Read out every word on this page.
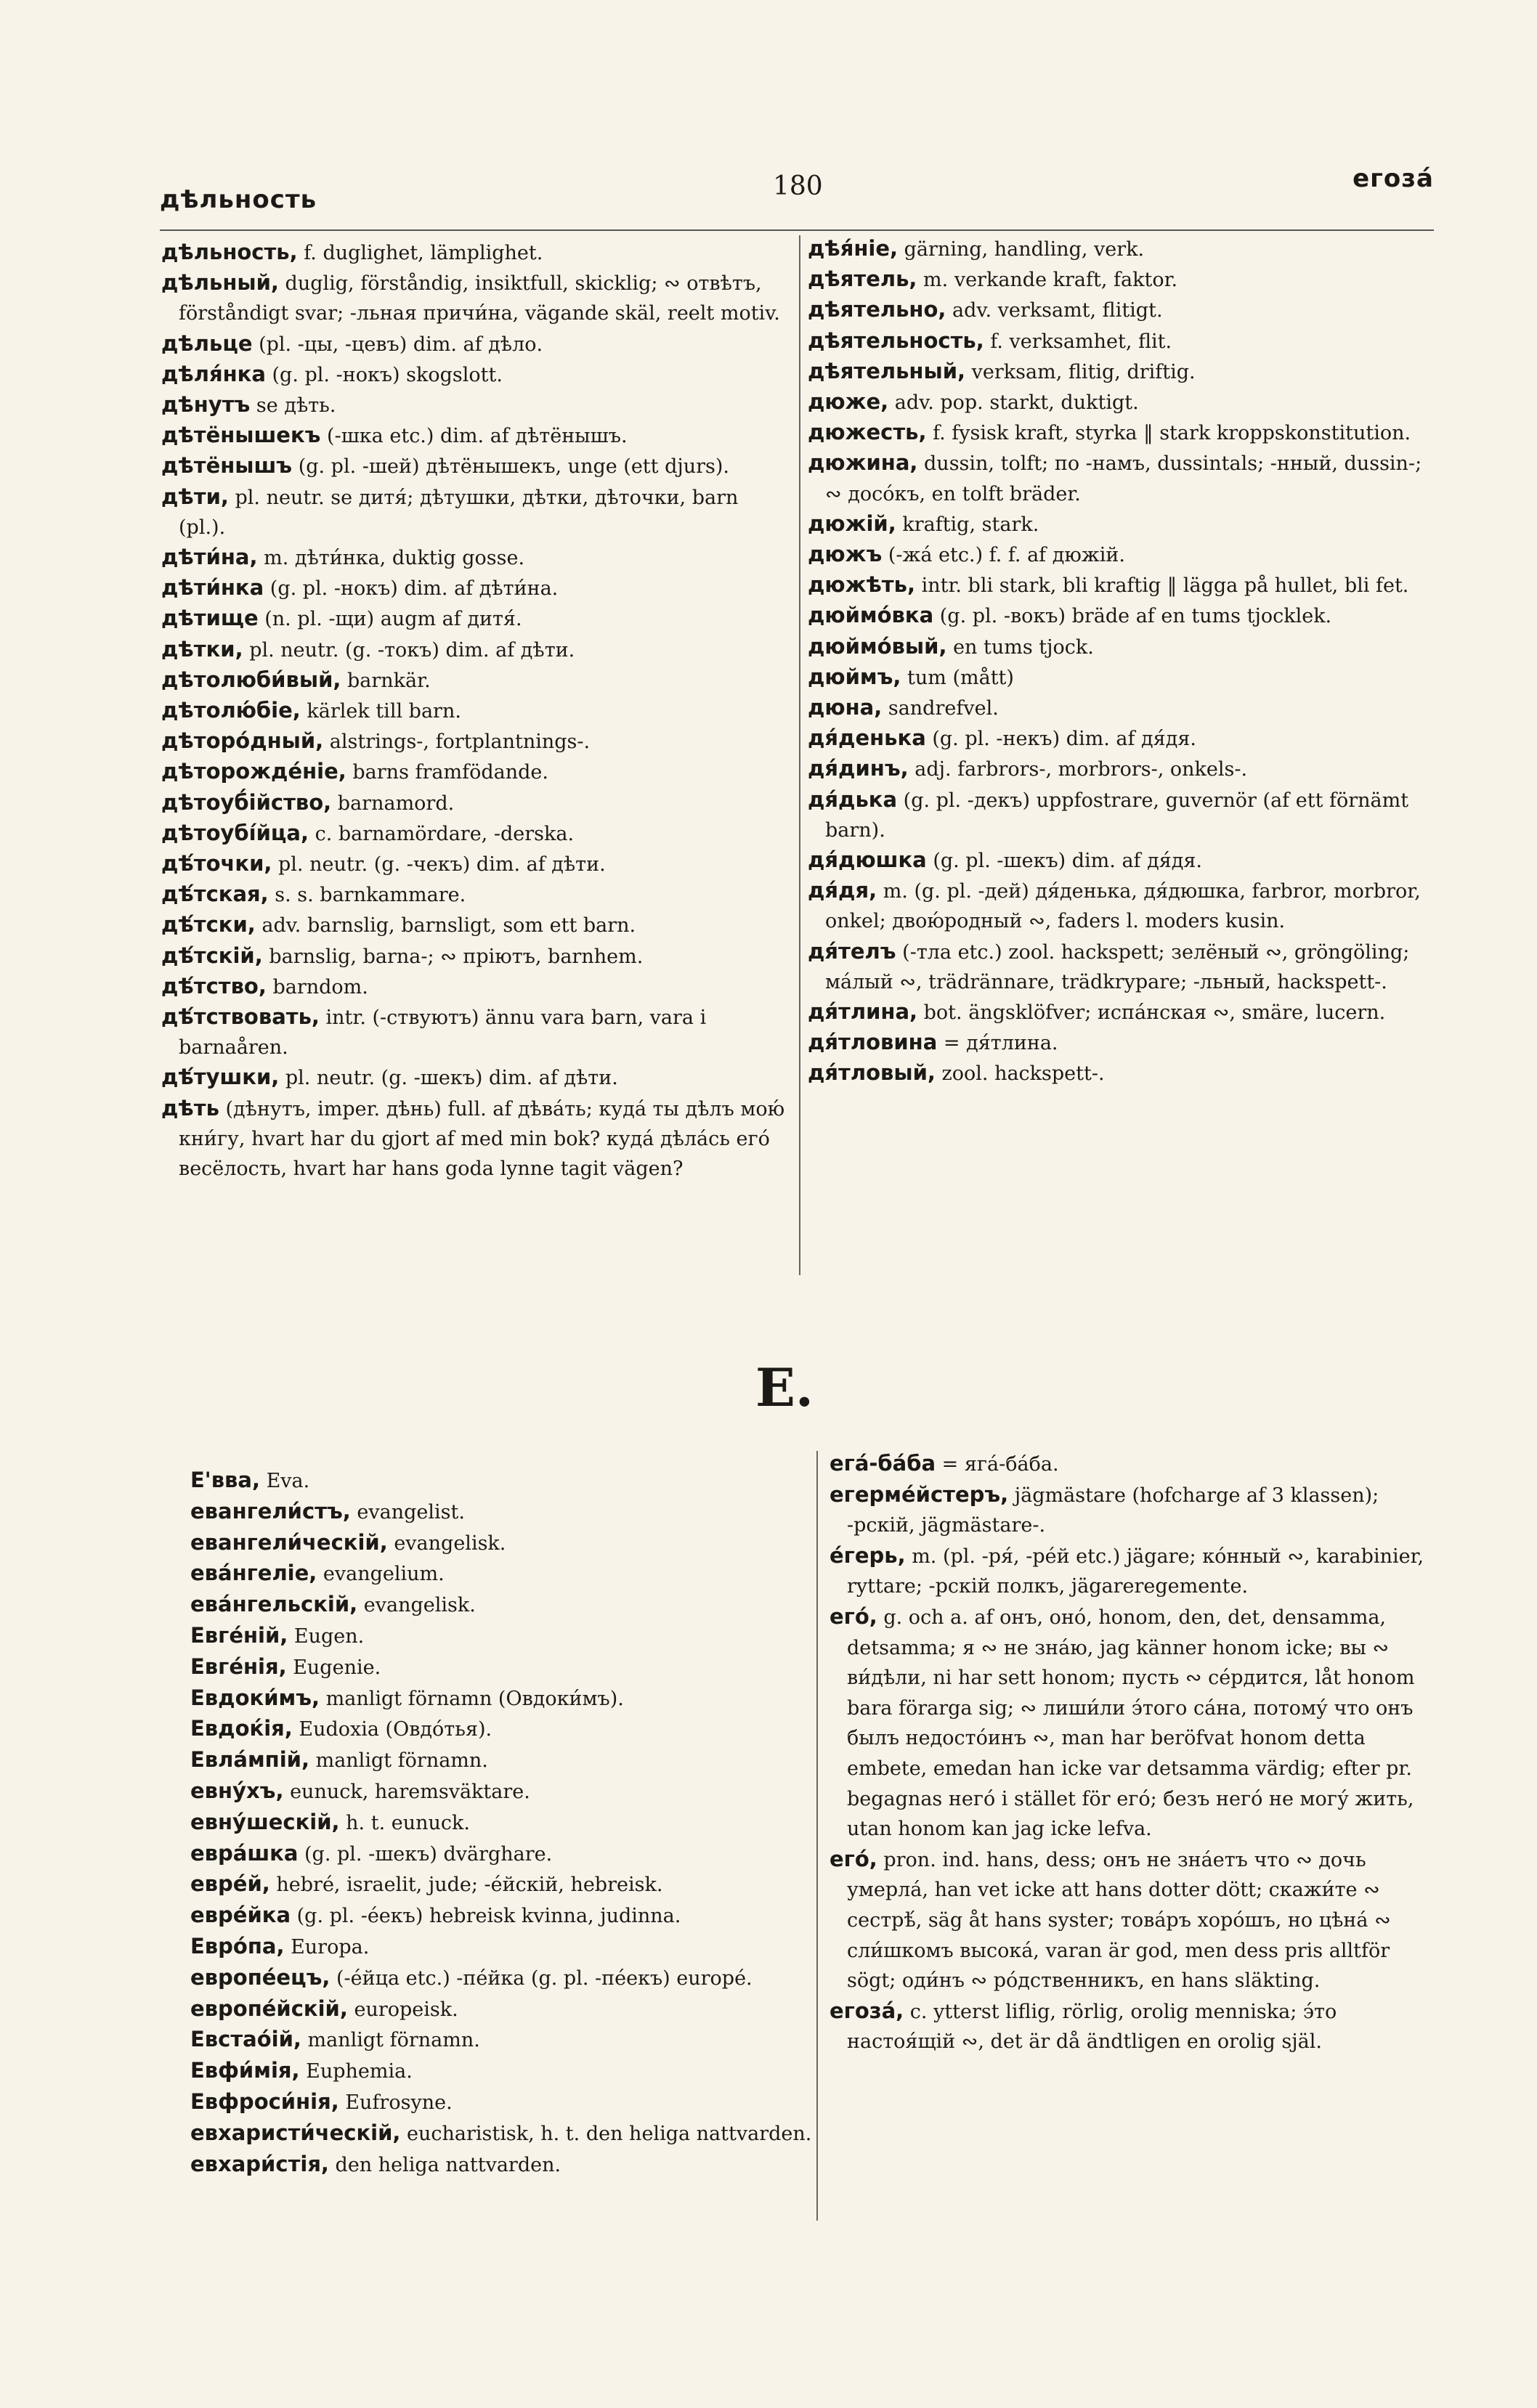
дѣльность	180	егоза́

дѣльность, f. duglighet, lämplighet.

дѣльный, duglig, förståndig, insiktfull, skicklig; ∾ отвѣтъ, förståndigt svar; -льная причи́на, vägande skäl, reelt motiv.

дѣльце (pl. -цы, -цевъ) dim. af дѣло.

дѣля́нка (g. pl. -нокъ) skogslott.

дѣнутъ se дѣть.

дѣтёнышекъ (-шка etc.) dim. af дѣтёнышъ.

дѣтёнышъ (g. pl. -шей) дѣтёнышекъ, unge (ett djurs).

дѣти, pl. neutr. se дитя́; дѣтушки, дѣтки, дѣточки, barn (pl.).

дѣти́на, m. дѣти́нка, duktig gosse.

дѣти́нка (g. pl. -нокъ) dim. af дѣти́на.

дѣтище (n. pl. -щи) augm af дитя́.

дѣтки, pl. neutr. (g. -токъ) dim. af дѣти.

дѣтолюби́вый, barnkär.

дѣтолю́біе, kärlek till barn.

дѣторо́дный, alstrings-, fortplantnings-.

дѣторожде́ніе, barns framfödande.

дѣтоуб́ійство, barnamord.

дѣтоубі́йца, c. barnamördare, -derska.

дѣ́точки, pl. neutr. (g. -чекъ) dim. af дѣти.

дѣ́тская, s. s. barnkammare.

дѣ́тски, adv. barnslig, barnsligt, som ett barn.

дѣ́тскій, barnslig, barna-; ∾ пріютъ, barnhem.

дѣ́тство, barndom.

дѣ́тствовать, intr. (-ствуютъ) ännu vara barn, vara i barnaåren.

дѣ́тушки, pl. neutr. (g. -шекъ) dim. af дѣти.

дѣть (дѣнутъ, imper. дѣнь) full. af дѣва́ть; куда́ ты дѣлъ мою́ кни́гу, hvart har du gjort af med min bok? куда́ дѣла́сь его́ весёлость, hvart har hans goda lynne tagit vägen?

дѣя́ніе, gärning, handling, verk.

дѣятель, m. verkande kraft, faktor.

дѣятельно, adv. verksamt, flitigt.

дѣятельность, f. verksamhet, flit.

дѣятельный, verksam, flitig, driftig.

дюже, adv. pop. starkt, duktigt.

дюжесть, f. fysisk kraft, styrka ‖ stark kroppskonstitution.

дюжина, dussin, tolft; по -намъ, dussintals; -нный, dussin-; ∾ досо́къ, en tolft bräder.

дюжій, kraftig, stark.

дюжъ (-жа́ etc.) f. f. af дюжій.

дюжѣть, intr. bli stark, bli kraftig ‖ lägga på hullet, bli fet.

дюймо́вка (g. pl. -вокъ) bräde af en tums tjocklek.

дюймо́вый, en tums tjock.

дюймъ, tum (mått)

дюна, sandrefvel.

дя́денька (g. pl. -некъ) dim. af дя́дя.

дя́динъ, adj. farbrors-, morbrors-, onkels-.

дя́дька (g. pl. -декъ) uppfostrare, guvernör (af ett förnämt barn).

дя́дюшка (g. pl. -шекъ) dim. af дя́дя.

дя́дя, m. (g. pl. -дей) дя́денька, дя́дюшка, farbror, morbror, onkel; двою́родный ∾, faders l. moders kusin.

дя́телъ (-тла etc.) zool. hackspett; зелёный ∾, gröngöling; ма́лый ∾, trädrännare, trädkrypare; -льный, hackspett-.

дя́тлина, bot. ängsklöfver; испа́нская ∾, smäre, lucern.

дя́тловина = дя́тлина.

дя́тловый, zool. hackspett-.

Е.

Е'вва, Eva.

евангели́стъ, evangelist.

евангели́ческій, evangelisk.

ева́нгеліе, evangelium.

ева́нгельскій, evangelisk.

Евге́ній, Eugen.

Евге́нія, Eugenie.

Евдоки́мъ, manligt förnamn (Овдоки́мъ).

Евдоќія, Eudoxia (Овдо́тья).

Евла́мпій, manligt förnamn.

евну́хъ, eunuck, haremsväktare.

евну́шескій, h. t. eunuck.

евра́шка (g. pl. -шекъ) dvärghare.

евре́й, hebré, israelit, jude; -е́йскій, hebreisk.

евре́йка (g. pl. -е́екъ) hebreisk kvinna, judinna.

Евро́па, Europa.

европе́ецъ, (-е́йца etc.) -пе́йка (g. pl. -пе́екъ) europé.

европе́йскій, europeisk.

Евстао́ій, manligt förnamn.

Евфи́мія, Euphemia.

Евфроси́нія, Eufrosyne.

евхаристи́ческій, eucharistisk, h. t. den heliga nattvarden.

евхари́стія, den heliga nattvarden.

ега́-ба́ба = яга́-ба́ба.

егерме́йстеръ, jägmästare (hofcharge af 3 klassen); -рскій, jägmästare-.

е́герь, m. (pl. -ря́, -ре́й etc.) jägare; ко́нный ∾, karabinier, ryttare; -рскій полкъ, jägareregemente.

его́, g. och a. af онъ, оно́, honom, den, det, densamma, detsamma; я ∾ не зна́ю, jag känner honom icke; вы ∾ ви́дѣли, ni har sett honom; пусть ∾ се́рдится, låt honom bara förarga sig; ∾ лиши́ли э́того са́на, потому́ что онъ былъ недосто́инъ ∾, man har beröfvat honom detta embete, emedan han icke var detsamma värdig; efter pr. begagnas него́ i stället för его́; безъ него́ не могу́ жить, utan honom kan jag icke lefva.

его́, pron. ind. hans, dess; онъ не зна́етъ что ∾ дочь умерла́, han vet icke att hans dotter dött; скажи́те ∾ сестрѣ́, säg åt hans syster; това́ръ хоро́шъ, но цѣна́ ∾ сли́шкомъ высока́, varan är god, men dess pris alltför sögt; оди́нъ ∾ ро́дственникъ, en hans släkting.

егоза́, c. ytterst liflig, rörlig, orolig menniska; э́то настоя́щій ∾, det är då ändtligen en orolig själ.
